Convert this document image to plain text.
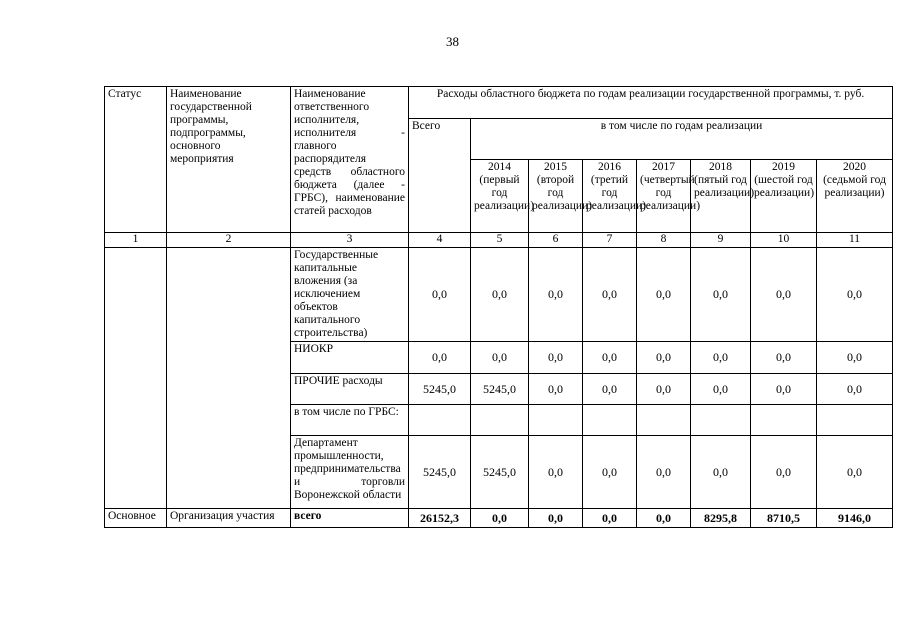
38
Статус	Наименование государственной программы, подпрограммы, основного мероприятия	Наименование ответственного исполнителя, исполнителя - главного распорядителя средств областного бюджета (далее - ГРБС), наименование статей расходов	Расходы областного бюджета по годам реализации государственной программы, т. руб.							
			Всего	в том числе по годам реализации						
				2014 (первый год реализации)	2015 (второй год реализации)	2016 (третий год реализации)	2017 (четвертый год реализации)	2018 (пятый год реализации)	2019 (шестой год реализации)	2020 (седьмой год реализации)
1	2	3	4	5	6	7	8	9	10	11
		Государственные капитальные вложения (за исключением объектов капитального строительства)	0,0	0,0	0,0	0,0	0,0	0,0	0,0	0,0
		НИОКР	0,0	0,0	0,0	0,0	0,0	0,0	0,0	0,0
		ПРОЧИЕ расходы	5245,0	5245,0	0,0	0,0	0,0	0,0	0,0	0,0
		в том числе по ГРБС:								
		Департамент промышленности, предпринимательства и торговли Воронежской области	5245,0	5245,0	0,0	0,0	0,0	0,0	0,0	0,0
Основное	Организация участия	всего	26152,3	0,0	0,0	0,0	0,0	8295,8	8710,5	9146,0
